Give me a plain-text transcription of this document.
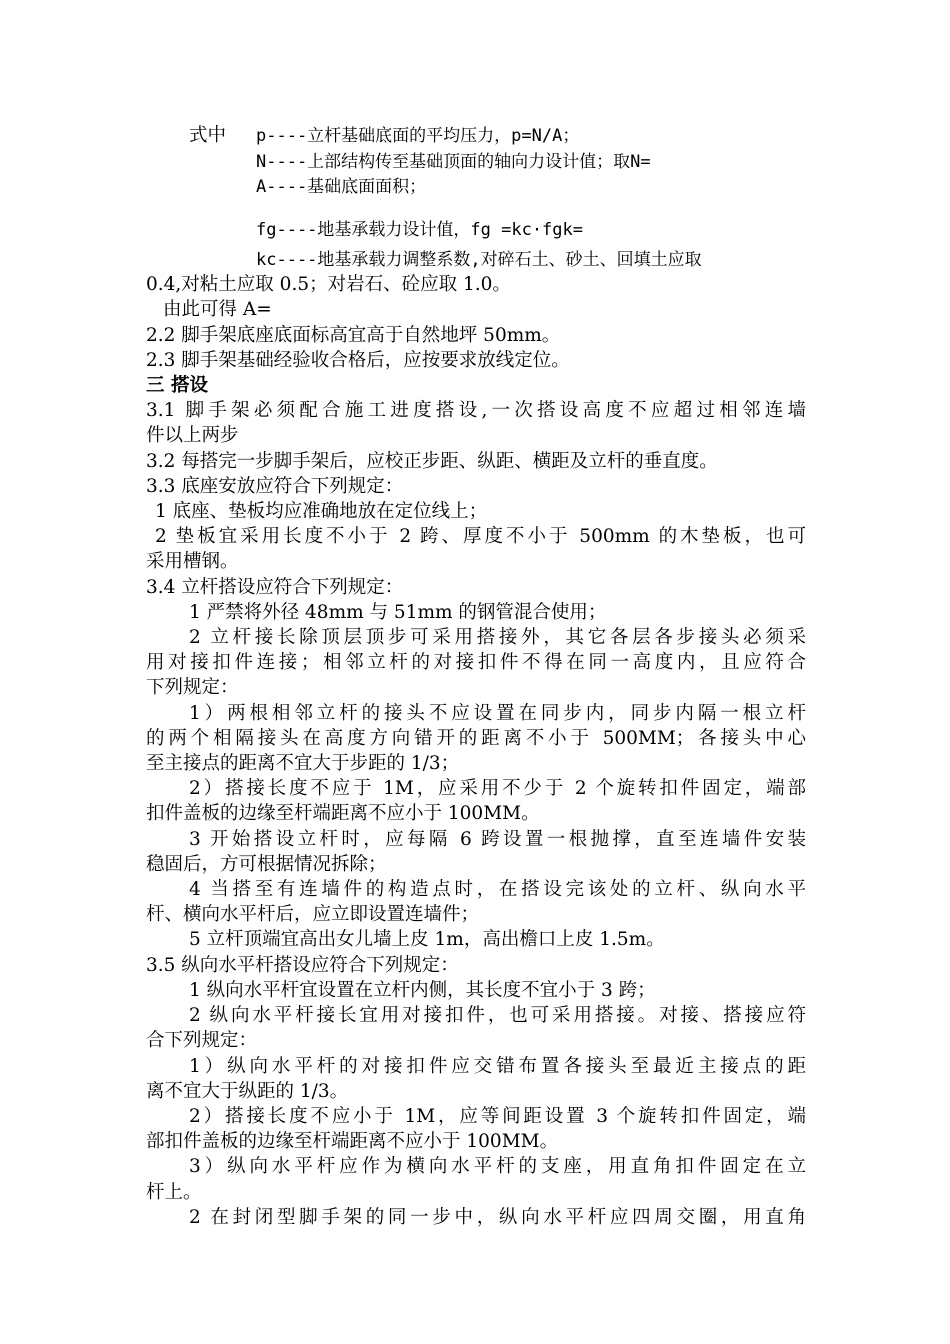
式中 p----立杆基础底面的平均压力，p=N/A；
N----上部结构传至基础顶面的轴向力设计值；取N=
A----基础底面面积；
fg----地基承载力设计值，fg =kc·fgk=
kc----地基承载力调整系数,对碎石土、砂土、回填土应取
0.4,对粘土应取 0.5；对岩石、砼应取 1.0。
由此可得 A=
2.2 脚手架底座底面标高宜高于自然地坪 50mm。
2.3 脚手架基础经验收合格后，应按要求放线定位。
三 搭设
3.1 脚手架必须配合施工进度搭设,一次搭设高度不应超过相邻连墙
件以上两步
3.2 每搭完一步脚手架后，应校正步距、纵距、横距及立杆的垂直度。
3.3 底座安放应符合下列规定：
1 底座、垫板均应准确地放在定位线上；
2 垫板宜采用长度不小于 2 跨、厚度不小于 500mm 的木垫板，也可
采用槽钢。
3.4 立杆搭设应符合下列规定：
1 严禁将外径 48mm 与 51mm 的钢管混合使用；
2 立杆接长除顶层顶步可采用搭接外，其它各层各步接头必须采
用对接扣件连接；相邻立杆的对接扣件不得在同一高度内，且应符合
下列规定：
1）两根相邻立杆的接头不应设置在同步内，同步内隔一根立杆
的两个相隔接头在高度方向错开的距离不小于 500MM；各接头中心
至主接点的距离不宜大于步距的 1/3；
2）搭接长度不应于 1M，应采用不少于 2 个旋转扣件固定，端部
扣件盖板的边缘至杆端距离不应小于 100MM。
3 开始搭设立杆时，应每隔 6 跨设置一根抛撑，直至连墙件安装
稳固后，方可根据情况拆除；
4 当搭至有连墙件的构造点时，在搭设完该处的立杆、纵向水平
杆、横向水平杆后，应立即设置连墙件；
5 立杆顶端宜高出女儿墙上皮 1m，高出檐口上皮 1.5m。
3.5 纵向水平杆搭设应符合下列规定：
1 纵向水平杆宜设置在立杆内侧，其长度不宜小于 3 跨；
2 纵向水平杆接长宜用对接扣件，也可采用搭接。对接、搭接应符
合下列规定：
1）纵向水平杆的对接扣件应交错布置各接头至最近主接点的距
离不宜大于纵距的 1/3。
2）搭接长度不应小于 1M，应等间距设置 3 个旋转扣件固定，端
部扣件盖板的边缘至杆端距离不应小于 100MM。
3）纵向水平杆应作为横向水平杆的支座，用直角扣件固定在立
杆上。
2 在封闭型脚手架的同一步中，纵向水平杆应四周交圈，用直角
